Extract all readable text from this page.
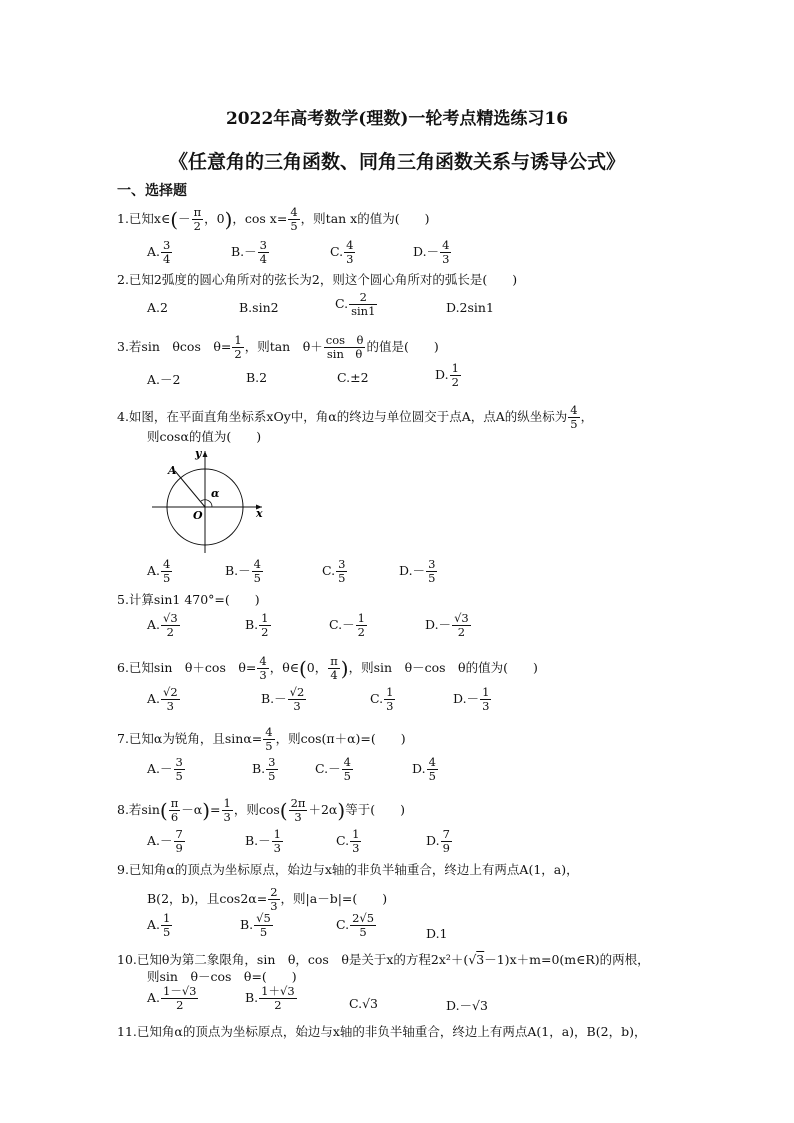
2022年高考数学(理数)一轮考点精选练习16
《任意角的三角函数、同角三角函数关系与诱导公式》
一、选择题
1.已知x∈(－ $\frac{\pi}{2}$ ，0)，$\cos x= \frac{4}{5}$ ，则tan x的值为(　　)
A. $\frac{3}{4}$	$B.- \frac{3}{4}$	C. $\frac{4}{3}$	$D.- \frac{4}{3}$
2.已知2弧度的圆心角所对的弦长为2，则这个圆心角所对的弧长是(　　)
A.2	B.sin2	C. $\frac{2}{\sin 1}$	D.2sin1
3.若sin　θcos　$\theta= \frac{1}{2}$ ，则tan　$\theta+ \frac{\text{cos　θ}}{\text{sin　θ}}$ 的值是(　　)
A.－2	B.2	C.±2	D. $\frac{1}{2}$
4.如图，在平面直角坐标系xOy中，角α的终边与单位圆交于点A，点A的纵坐标为 $\frac{4}{5}$ ，
则cosα的值为(　　)
y
x
O
A
α
A. $\frac{4}{5}$	$B.- \frac{4}{5}$	C. $\frac{3}{5}$	$D.- \frac{3}{5}$
5.计算sin1 470°=(　　)
A. $\frac{√3}{2}$	B. $\frac{1}{2}$	$C.- \frac{1}{2}$	$D.- \frac{√3}{2}$
6.已知sin　θ＋cos　$\theta= \frac{4}{3}$ ，θ∈(0， $\frac{\pi}{4}$ )，则sin　θ－cos　θ的值为(　　)
A. $\frac{√2}{3}$	$B.- \frac{√2}{3}$	C. $\frac{1}{3}$	$D.- \frac{1}{3}$
7.已知α为锐角，且$\sin\alpha= \frac{4}{5}$ ，则cos(π＋α)=(　　)
$A.- \frac{3}{5}$	B. $\frac{3}{5}$	$C.- \frac{4}{5}$	D. $\frac{4}{5}$
8.若$\sin( \frac{\pi}{6} -\alpha)= \frac{1}{3}$ ，则$\cos( \frac{2\pi}{3} +2\alpha)$等于(　　)
$A.- \frac{7}{9}$	$B.- \frac{1}{3}$	C. $\frac{1}{3}$	D. $\frac{7}{9}$
9.已知角α的顶点为坐标原点，始边与x轴的非负半轴重合，终边上有两点A(1，a)，
B(2，b)，且$\cos 2\alpha= \frac{2}{3}$ ，则|a－b|=(　　)
A. $\frac{1}{5}$	B. $\frac{√5}{5}$	C. $\frac{2√5}{5}$	D.1
10.已知θ为第二象限角，sin　θ，cos　θ是关于x的方程2x²＋(√3－1)x＋m=0(m∈R)的两根，
则sin　θ－cos　θ=(　　)
A. $\frac{1-√3}{2}$	B. $\frac{1+√3}{2}$	C.√3	D.－√3
11.已知角α的顶点为坐标原点，始边与x轴的非负半轴重合，终边上有两点A(1，a)，B(2，b)，
